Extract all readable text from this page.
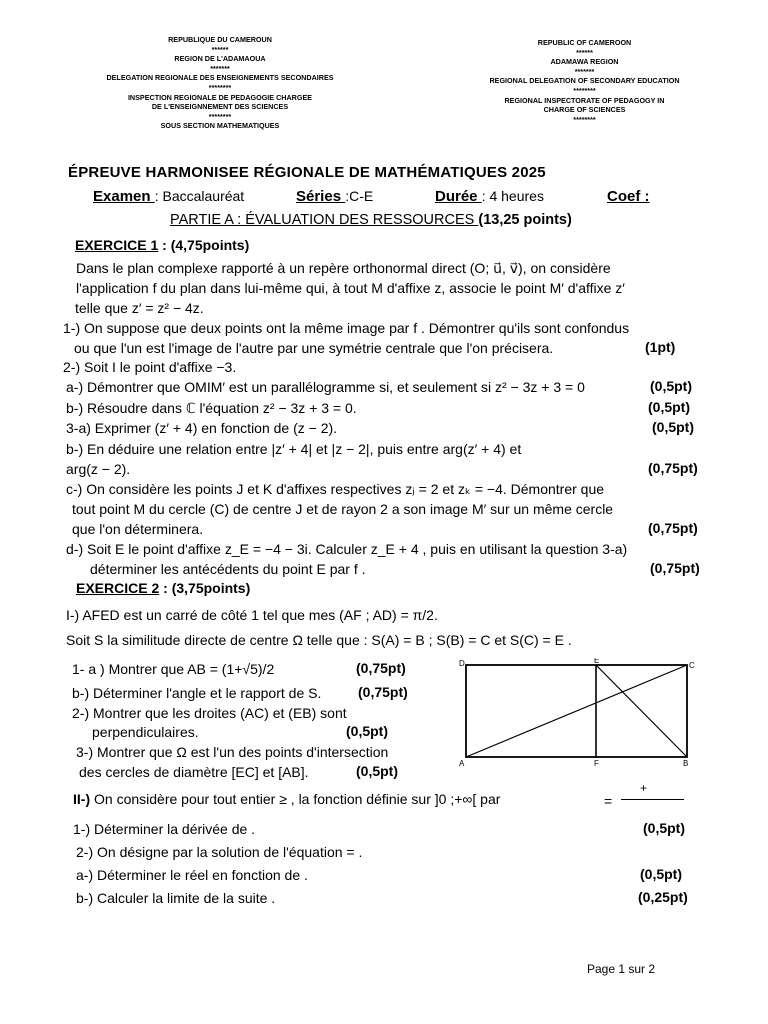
REPUBLIQUE DU CAMEROUN
******
REGION DE L'ADAMAOUA
*******
DELEGATION REGIONALE DES ENSEIGNEMENTS SECONDAIRES
********
INSPECTION REGIONALE DE PEDAGOGIE CHARGEE
DE L'ENSEIGNNEMENT DES SCIENCES
********
SOUS SECTION MATHEMATIQUES
REPUBLIC OF CAMEROON
******
ADAMAWA REGION
*******
REGIONAL DELEGATION OF SECONDARY EDUCATION
********
REGIONAL INSPECTORATE OF PEDAGOGY IN
CHARGE OF SCIENCES
********
ÉPREUVE HARMONISEE RÉGIONALE DE MATHÉMATIQUES 2025
Examen : Baccalauréat	Séries :C-E	Durée : 4 heures	Coef :
PARTIE A : ÉVALUATION DES RESSOURCES (13,25 points)
EXERCICE 1 : (4,75points)
Dans le plan complexe rapporté à un repère orthonormal direct (O; u⃗, v⃗), on considère
l'application f du plan dans lui-même qui, à tout M d'affixe z, associe le point M′ d'affixe z′
telle que z′ = z² − 4z.
1-) On suppose que deux points ont la même image par f . Démontrer qu'ils sont confondus
ou que l'un est l'image de l'autre par une symétrie centrale que l'on précisera.	(1pt)
2-) Soit I le point d'affixe −3.
a-) Démontrer que OMIM′ est un parallélogramme si, et seulement si z² − 3z + 3 = 0	(0,5pt)
b-) Résoudre dans ℂ l'équation z² − 3z + 3 = 0.	(0,5pt)
3-a) Exprimer (z′ + 4) en fonction de (z − 2).	(0,5pt)
b-) En déduire une relation entre |z′ + 4| et |z − 2|, puis entre arg(z′ + 4) et
arg(z − 2).	(0,75pt)
c-) On considère les points J et K d'affixes respectives zⱼ = 2 et zₖ = −4. Démontrer que
tout point M du cercle (C) de centre J et de rayon 2 a son image M′ sur un même cercle
que l'on déterminera.	(0,75pt)
d-) Soit E le point d'affixe z_E = −4 − 3i. Calculer z_E + 4 , puis en utilisant la question 3-a)
déterminer les antécédents du point E par f .	(0,75pt)
EXERCICE 2 : (3,75points)
I-) AFED est un carré de côté 1 tel que mes (AF ; AD) = π/2.
Soit S la similitude directe de centre Ω telle que : S(A) = B ; S(B) = C et S(C) = E .
1- a ) Montrer que AB = (1+√5)/2	(0,75pt)
b-) Déterminer l'angle et le rapport de S.	(0,75pt)
2-) Montrer que les droites (AC) et (EB) sont
perpendiculaires.	(0,5pt)
3-) Montrer que Ω est l'un des points d'intersection
des cercles de diamètre [EC] et [AB].	(0,5pt)
D	E
C
A	F	B
II-) On considère pour tout entier ≥ , la fonction définie sur ]0 ;+∞[ par
+
=
1-) Déterminer la dérivée de .	(0,5pt)
2-) On désigne par la solution de l'équation = .
a-) Déterminer le réel en fonction de .	(0,5pt)
b-) Calculer la limite de la suite .	(0,25pt)
Page 1 sur 2
